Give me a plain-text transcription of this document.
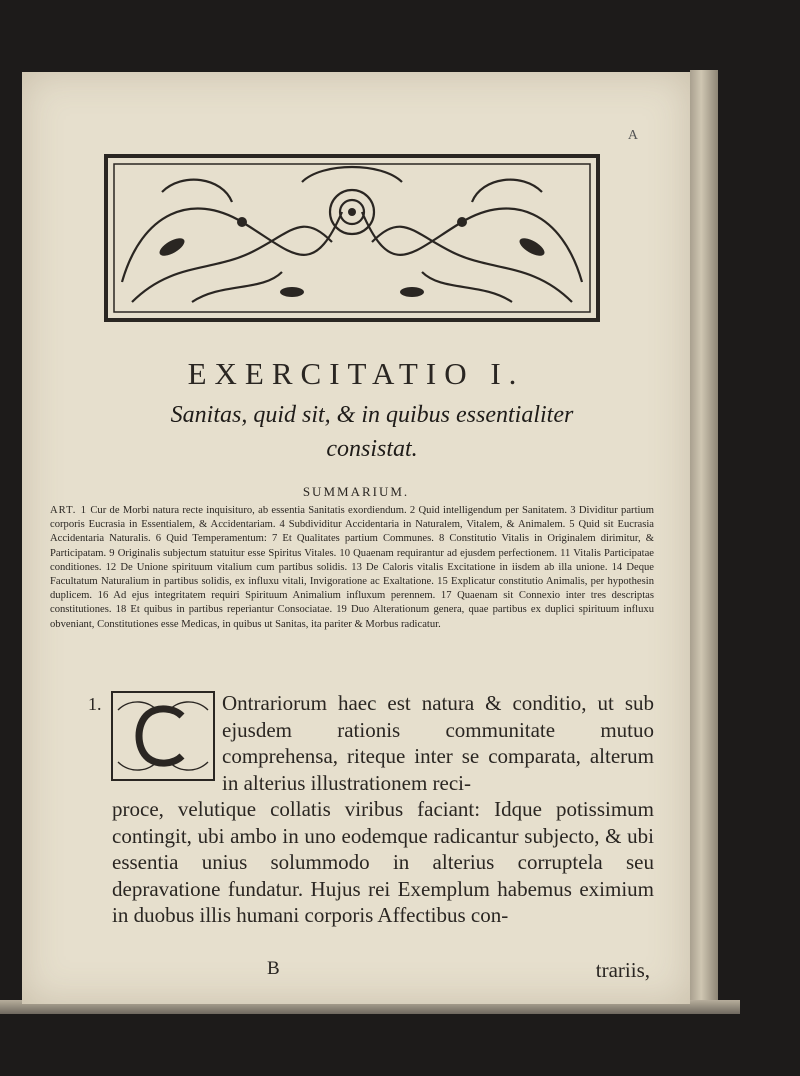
A
EXERCITATIO I.
Sanitas, quid sit, & in quibus essentialiter
consistat.
SUMMARIUM.
ART. 1 Cur de Morbi natura recte inquisituro, ab essentia Sanitatis exordiendum. 2 Quid intelligendum per Sanitatem. 3 Dividitur partium corporis Eucrasia in Essentialem, & Accidentariam. 4 Subdividitur Accidentaria in Naturalem, Vitalem, & Animalem. 5 Quid sit Eucrasia Accidentaria Naturalis. 6 Quid Temperamentum: 7 Et Qualitates partium Communes. 8 Constitutio Vitalis in Originalem dirimitur, & Participatam. 9 Originalis subjectum statuitur esse Spiritus Vitales. 10 Quaenam requirantur ad ejusdem perfectionem. 11 Vitalis Participatae conditiones. 12 De Unione spirituum vitalium cum partibus solidis. 13 De Caloris vitalis Excitatione in iisdem ab illa unione. 14 Deque Facultatum Naturalium in partibus solidis, ex influxu vitali, Invigoratione ac Exaltatione. 15 Explicatur constitutio Animalis, per hypothesin duplicem. 16 Ad ejus integritatem requiri Spirituum Animalium influxum perennem. 17 Quaenam sit Connexio inter tres descriptas constitutiones. 18 Et quibus in partibus reperiantur Consociatae. 19 Duo Alterationum genera, quae partibus ex duplici spirituum influxu obveniant, Constitutiones esse Medicas, in quibus ut Sanitas, ita pariter & Morbus radicatur.
1.	Ontrariorum haec est natura & conditio, ut sub ejusdem rationis communitate mutuo comprehensa, riteque inter se comparata, alterum in alterius illustrationem reci-
proce, velutique collatis viribus faciant: Idque potissimum contingit, ubi ambo in uno eodemque radicantur subjecto, & ubi essentia unius solummodo in alterius corruptela seu depravatione fundatur. Hujus rei Exemplum habemus eximium in duobus illis humani corporis Affectibus con-
B	trariis,
